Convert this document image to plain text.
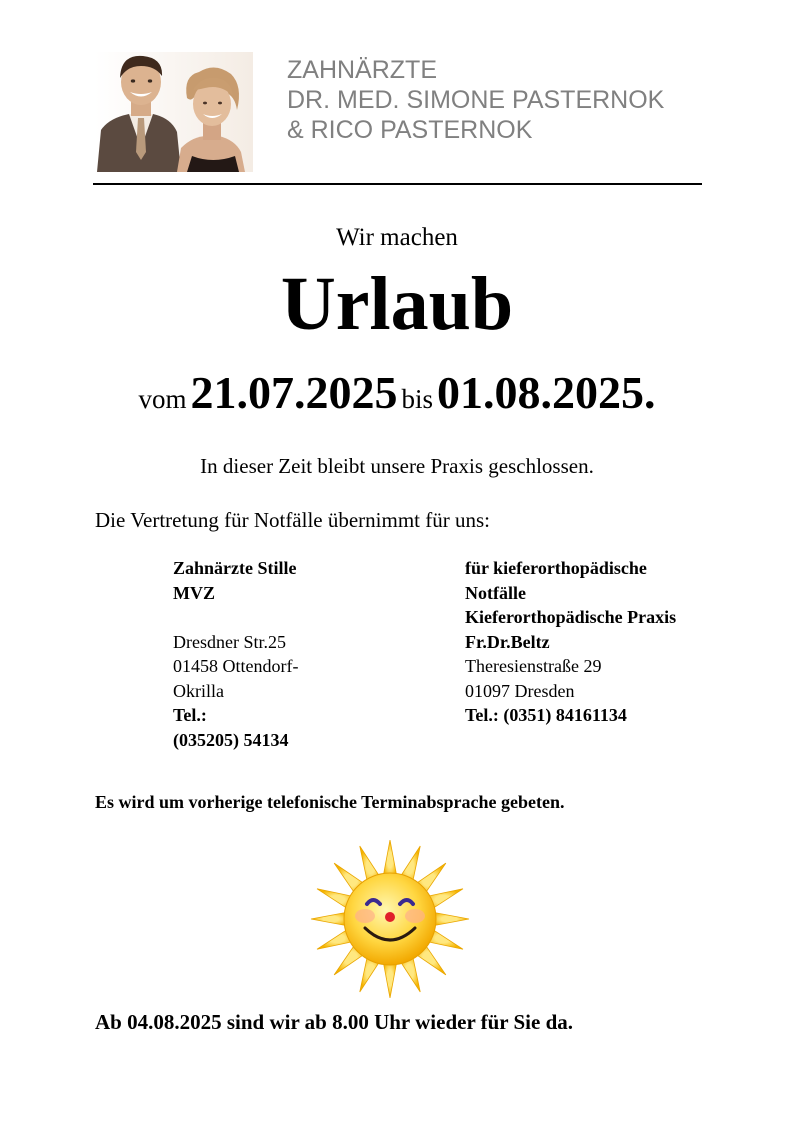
ZAHNÄRZTE
DR. MED. SIMONE PASTERNOK
& RICO PASTERNOK
Wir machen
Urlaub
vom 21.07.2025 bis 01.08.2025.
In dieser Zeit bleibt unsere Praxis geschlossen.
Die Vertretung für Notfälle übernimmt für uns:
Zahnärzte Stille
MVZ
Dresdner Str.25
01458 Ottendorf-
Okrilla
Tel.:
(035205) 54134
für kieferorthopädische
Notfälle
Kieferorthopädische Praxis
Fr.Dr.Beltz
Theresienstraße 29
01097 Dresden
Tel.: (0351) 84161134
Es wird um vorherige telefonische Terminabsprache gebeten.
Ab 04.08.2025 sind wir ab 8.00 Uhr wieder für Sie da.
